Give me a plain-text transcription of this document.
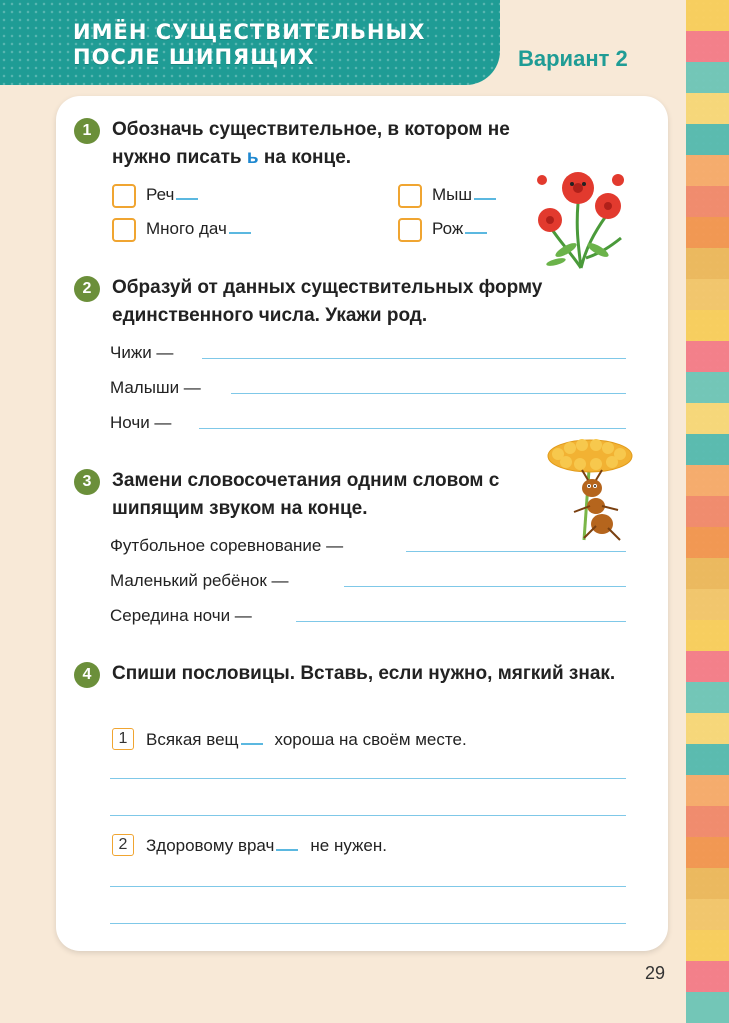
ИМЁН СУЩЕСТВИТЕЛЬНЫХ
ПОСЛЕ ШИПЯЩИХ	Вариант 2
1	Обозначь существительное, в котором не нужно писать ь на конце.
Реч	Мыш
Много дач	Рож
2	Образуй от данных существительных форму единственного числа. Укажи род.
Чижи —
Малыши —
Ночи —
3	Замени словосочетания одним словом с шипящим звуком на конце.
Футбольное соревнование —
Маленький ребёнок —
Середина ночи —
4	Спиши пословицы. Вставь, если нужно, мягкий знак.
1	Всякая вещ хороша на своём месте.
2	Здоровому врач не нужен.
29
